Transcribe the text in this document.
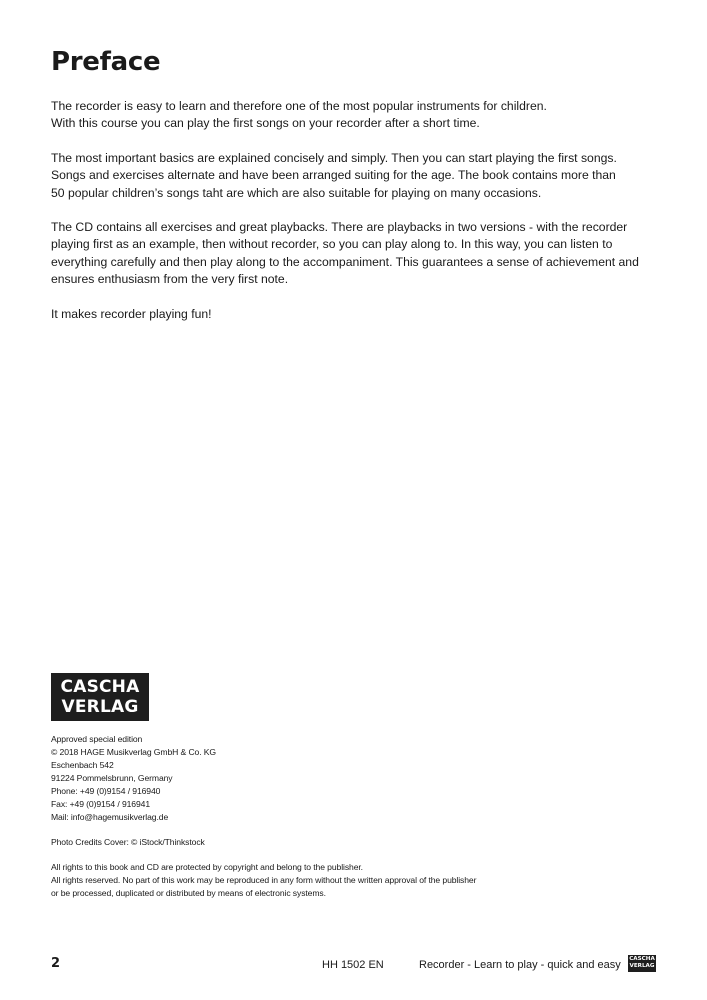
Preface

The recorder is easy to learn and therefore one of the most popular instruments for children.
With this course you can play the first songs on your recorder after a short time.

The most important basics are explained concisely and simply. Then you can start playing the first songs.
Songs and exercises alternate and have been arranged suiting for the age. The book contains more than
50 popular children’s songs taht are which are also suitable for playing on many occasions.

The CD contains all exercises and great playbacks. There are playbacks in two versions - with the recorder
playing first as an example, then without recorder, so you can play along to. In this way, you can listen to
everything carefully and then play along to the accompaniment. This guarantees a sense of achievement and
ensures enthusiasm from the very first note.

It makes recorder playing fun!

CASCHA
VERLAG
Approved special edition
© 2018 HAGE Musikverlag GmbH & Co. KG
Eschenbach 542
91224 Pommelsbrunn, Germany
Phone: +49 (0)9154 / 916940
Fax: +49 (0)9154 / 916941
Mail: info@hagemusikverlag.de
Photo Credits Cover: © iStock/Thinkstock
All rights to this book and CD are protected by copyright and belong to the publisher.
All rights reserved. No part of this work may be reproduced in any form without the written approval of the publisher
or be processed, duplicated or distributed by means of electronic systems.
2	HH 1502 EN	Recorder - Learn to play - quick and easy CASCHA
VERLAG
